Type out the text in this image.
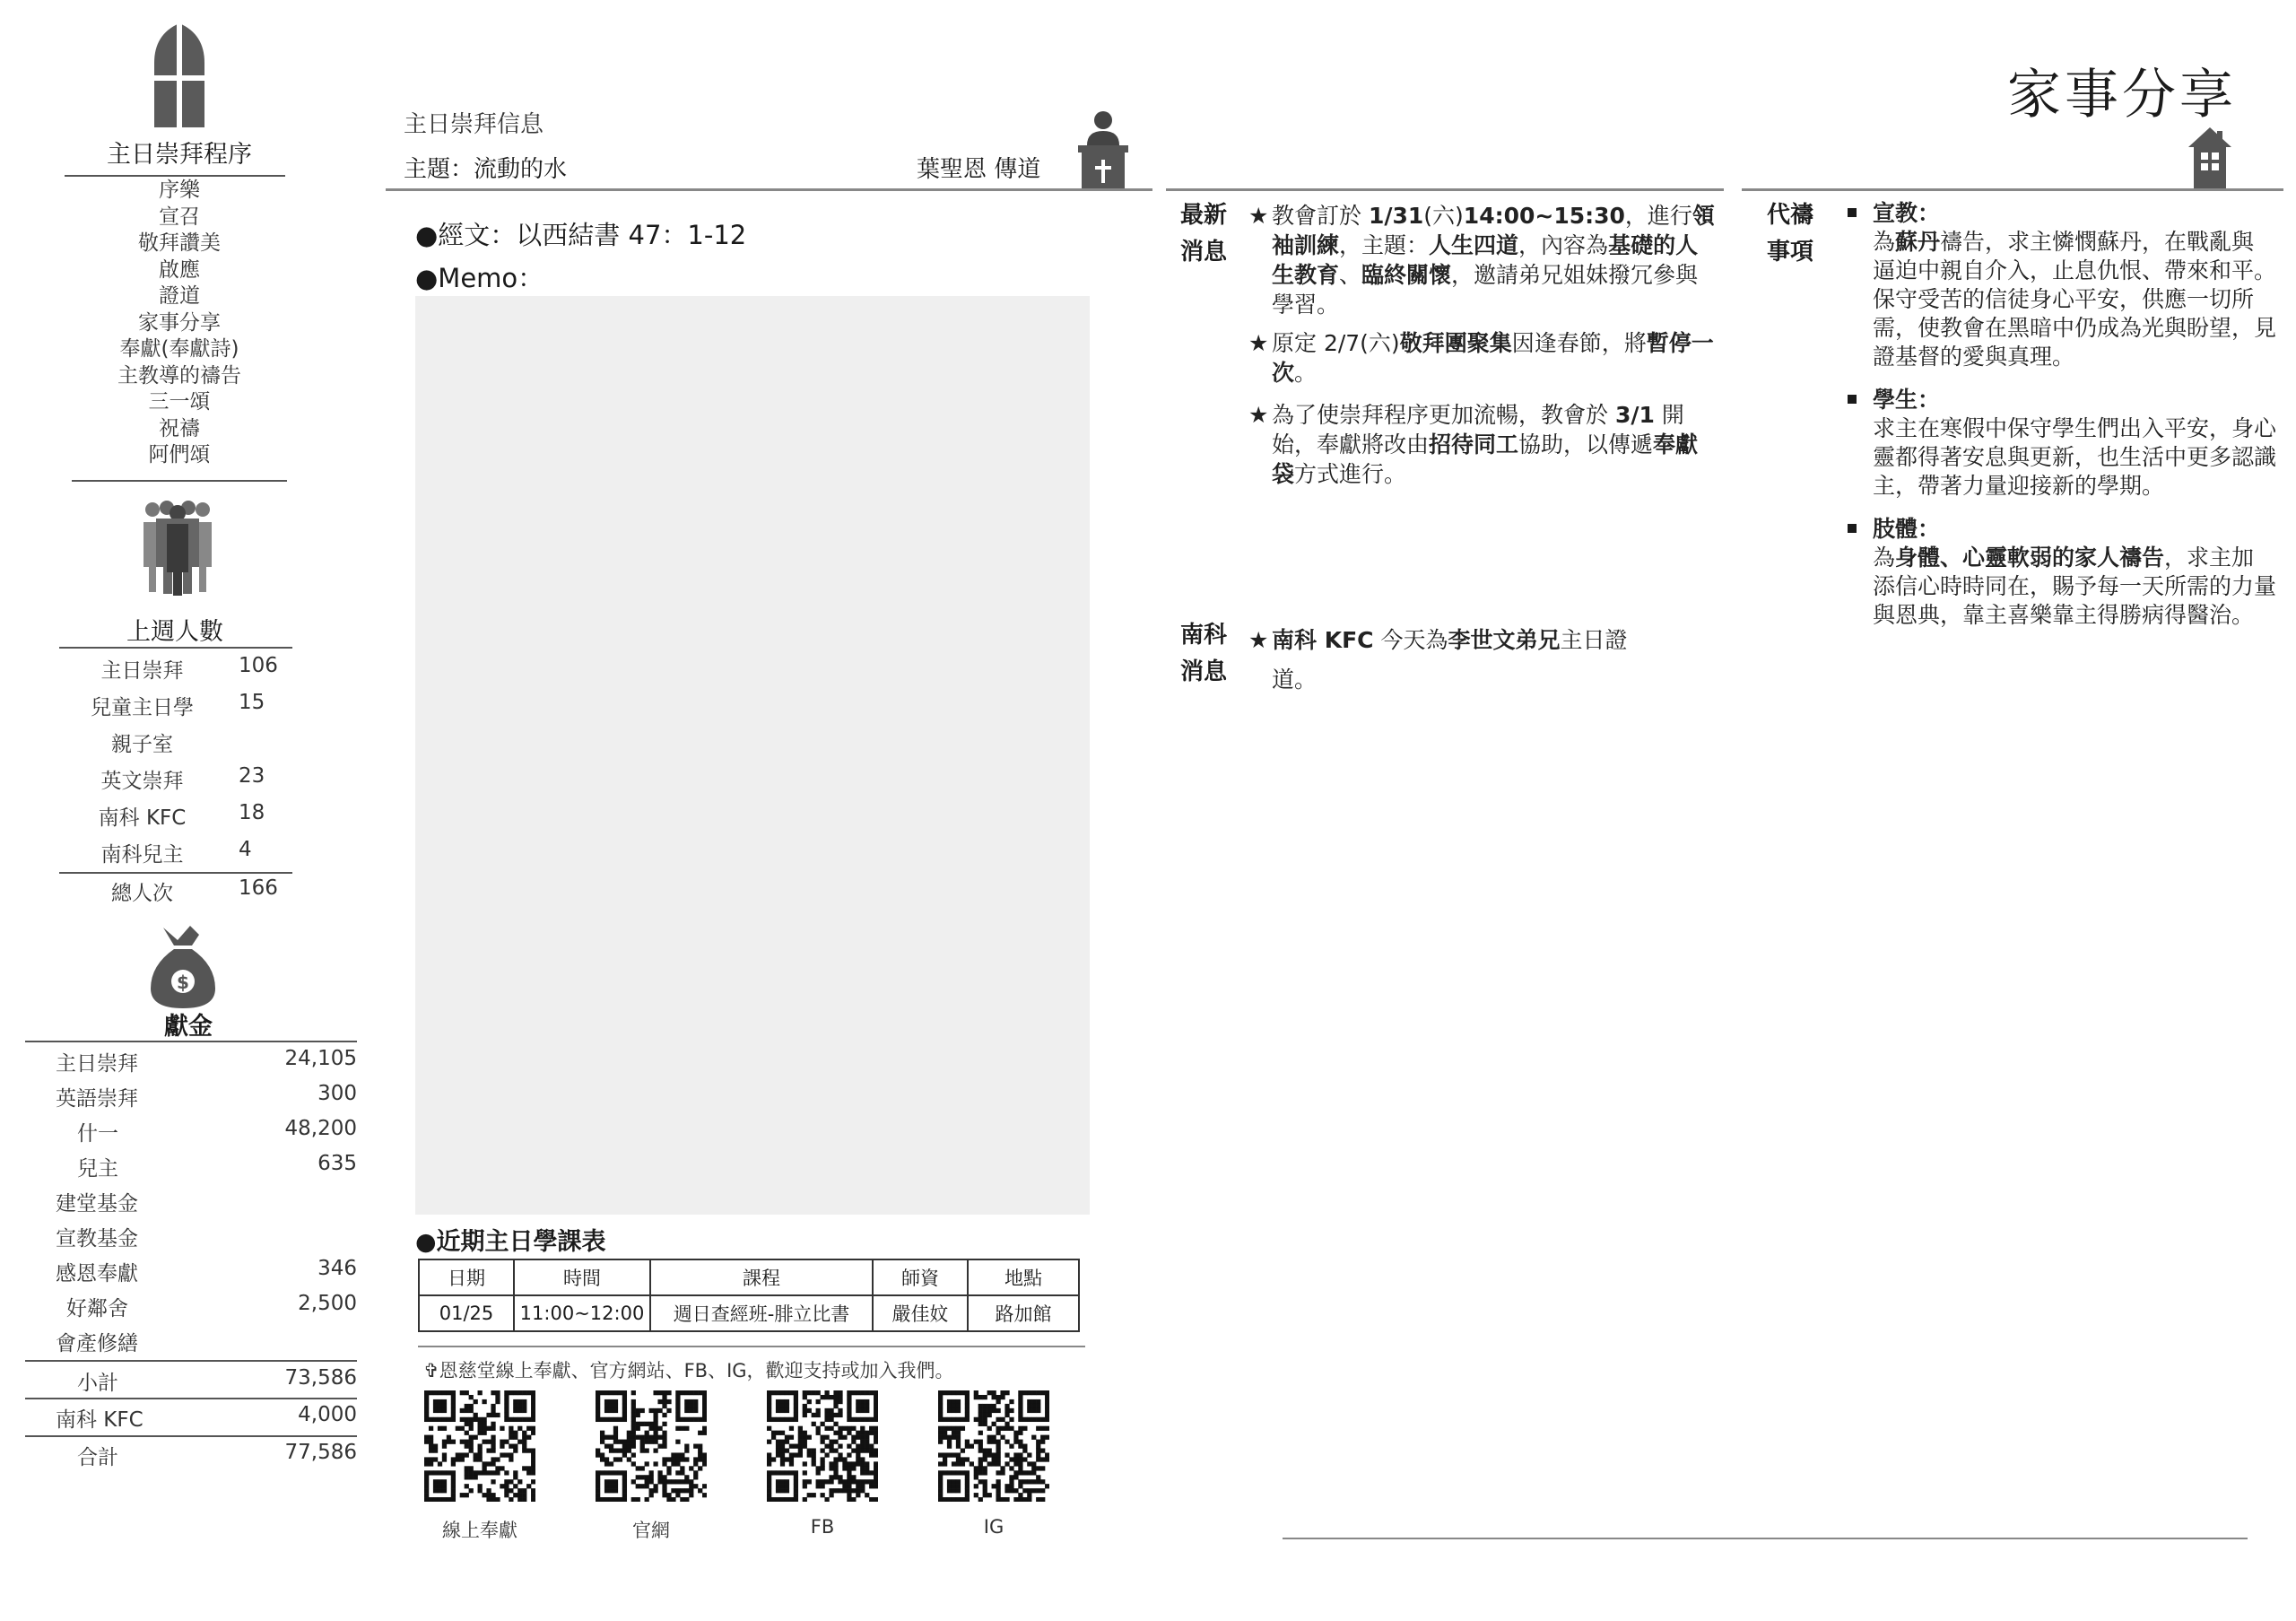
主日崇拜程序
序樂
宣召
敬拜讚美
啟應
證道
家事分享
奉獻(奉獻詩)
主教導的禱告
三一頌
祝禱
阿們頌
上週人數
主日崇拜	106
兒童主日學	15
親子室
英文崇拜	23
南科 KFC	18
南科兒主	4
總人次	166
$
獻金
主日崇拜	24,105
英語崇拜	300
什一	48,200
兒主	635
建堂基金
宣教基金
感恩奉獻	346
好鄰舍	2,500
會產修繕
小計	73,586
南科 KFC	4,000
合計	77,586
主日崇拜信息
主題：流動的水	葉聖恩 傳道
●經文：以西結書 47：1-12
●Memo：
●近期主日學課表
日期	時間	課程	師資	地點
01/25	11:00~12:00	週日查經班-腓立比書	嚴佳妏	路加館
✞恩慈堂線上奉獻、官方網站、FB、IG，歡迎支持或加入我們。
線上奉獻	官網	FB	IG
家事分享
最新
消息
★ 教會訂於 1/31(六)14:00~15:30，進行領袖訓練，主題：人生四道，內容為基礎的人生教育、臨終關懷，邀請弟兄姐妹撥冗參與學習。
★ 原定 2/7(六)敬拜團聚集因逢春節，將暫停一次。
★ 為了使崇拜程序更加流暢，教會於 3/1 開始，奉獻將改由招待同工協助，以傳遞奉獻袋方式進行。
南科
消息
★ 南科 KFC 今天為李世文弟兄主日證道。
代禱
事項
宣教：
為蘇丹禱告，求主憐憫蘇丹，在戰亂與逼迫中親自介入，止息仇恨、帶來和平。保守受苦的信徒身心平安，供應一切所需，使教會在黑暗中仍成為光與盼望，見證基督的愛與真理。
學生：
求主在寒假中保守學生們出入平安，身心靈都得著安息與更新，也生活中更多認識主，帶著力量迎接新的學期。
肢體：
為身體、心靈軟弱的家人禱告，求主加添信心時時同在，賜予每一天所需的力量與恩典，靠主喜樂靠主得勝病得醫治。
